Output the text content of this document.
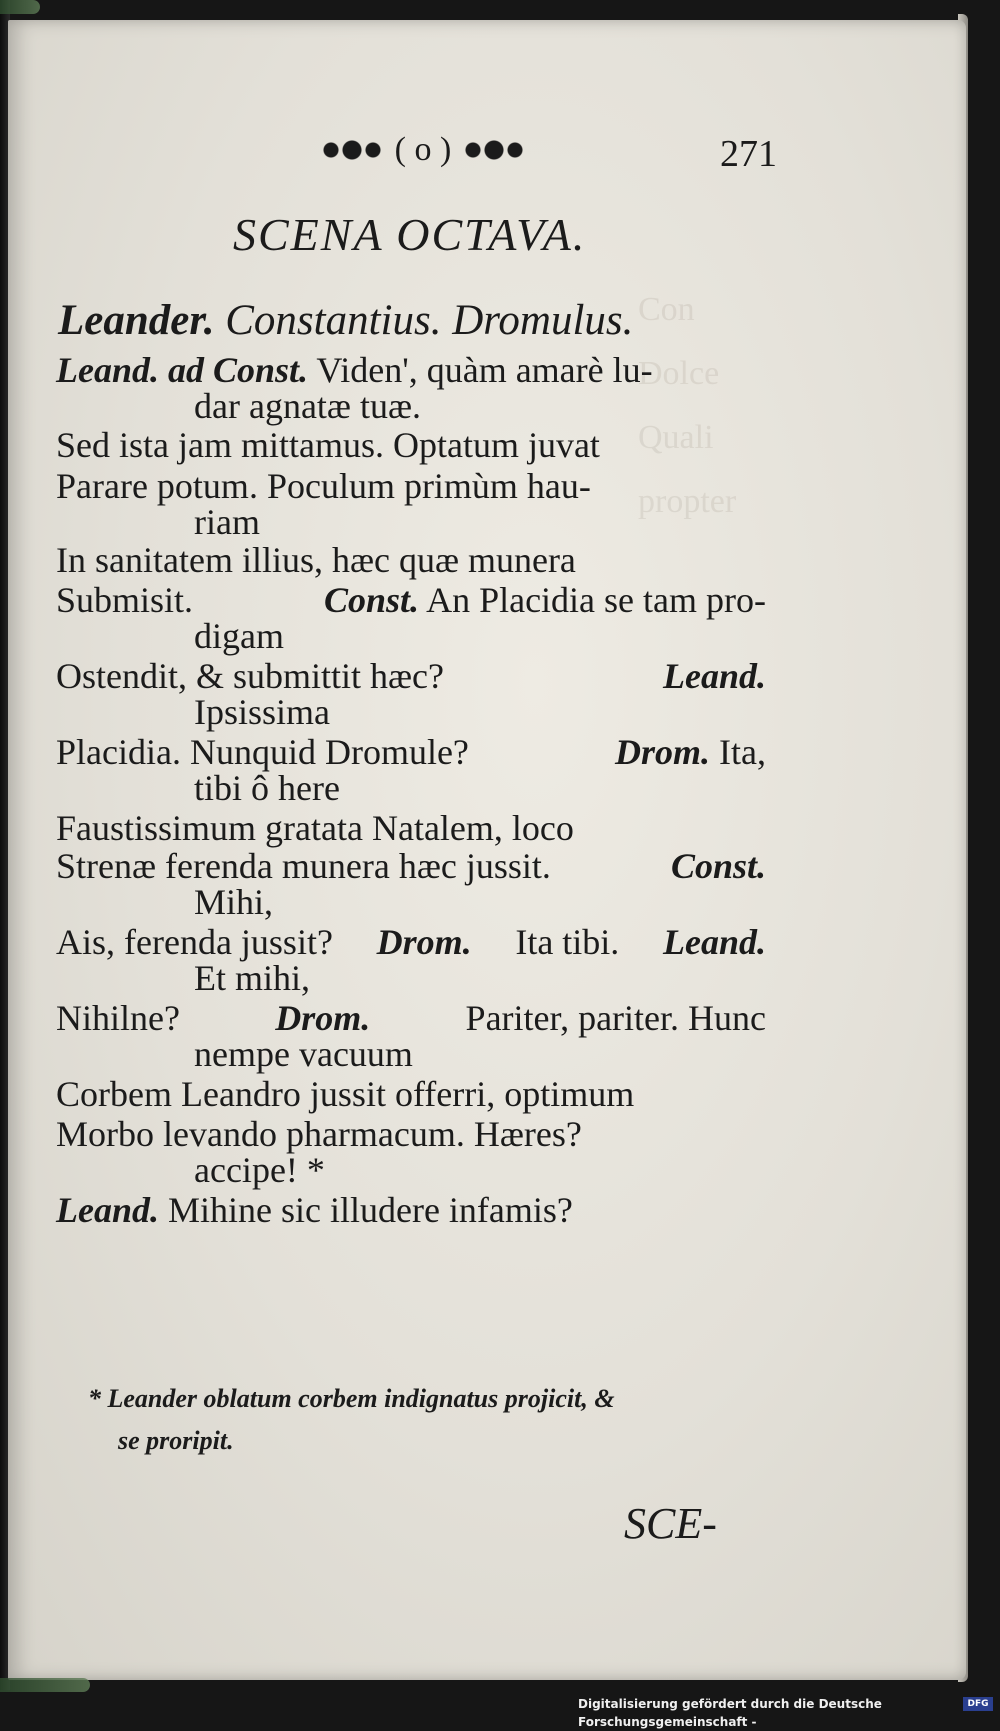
Con
Dolce
Quali
propter
( o )	271
SCENA OCTAVA.
Leander. Constantius. Dromulus.
Leand. ad Const. Viden', quàm amarè lu-
dar agnatæ tuæ.
Sed ista jam mittamus. Optatum juvat
Parare potum. Poculum primùm hau-
riam
In sanitatem illius, hæc quæ munera
Submisit.	Const. An Placidia se tam pro-
digam
Ostendit, & submittit hæc?	Leand.
Ipsissima
Placidia. Nunquid Dromule?	Drom. Ita,
tibi ô here
Faustissimum gratata Natalem, loco
Strenæ ferenda munera hæc jussit.	Const.
Mihi,
Ais, ferenda jussit? Drom. Ita tibi. Leand.
Et mihi,
Nihilne?	Drom.	Pariter, pariter. Hunc
nempe vacuum
Corbem Leandro jussit offerri, optimum
Morbo levando pharmacum. Hæres?
accipe! *
Leand. Mihine sic illudere infamis?
* Leander oblatum corbem indignatus projicit, &
se proripit.
SCE-
Digitalisierung gefördert durch die Deutsche Forschungsgemeinschaft -
DFG
